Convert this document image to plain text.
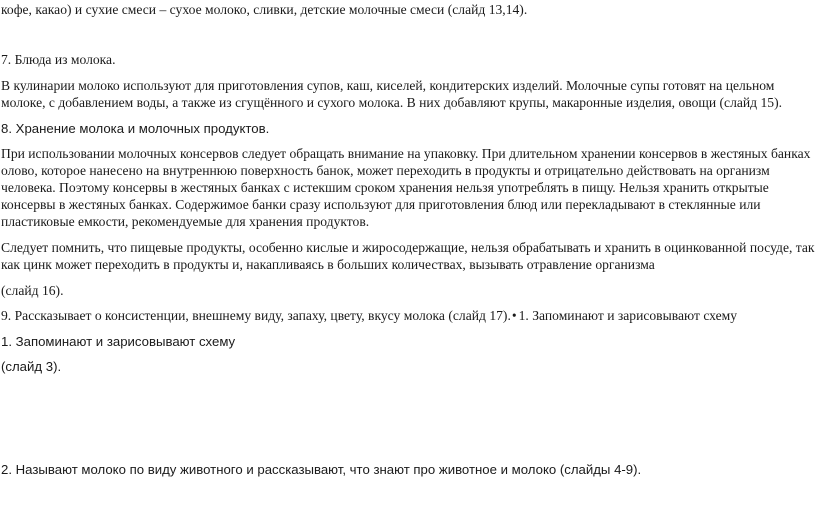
кофе, какао) и сухие смеси – сухое молоко, сливки, детские молочные смеси (слайд 13,14).

7. Блюда из молока.

В кулинарии молоко используют для приготовления супов, каш, киселей, кондитерских изделий. Молочные супы готовят на цельном

молоке, с добавлением воды, а также из сгущённого и сухого молока. В них добавляют крупы, макаронные изделия, овощи (слайд 15).

8. Хранение молока и молочных продуктов.

При использовании молочных консервов следует обращать внимание на упаковку. При длительном хранении консервов в жестяных банках

олово, которое нанесено на внутреннюю поверхность банок, может переходить в продукты и отрицательно действовать на организм

человека. Поэтому консервы в жестяных банках с истекшим сроком хранения нельзя употреблять в пищу. Нельзя хранить открытые

консервы в жестяных банках. Содержимое банки сразу используют для приготовления блюд или перекладывают в стеклянные или

пластиковые емкости, рекомендуемые для хранения продуктов.

Следует помнить, что пищевые продукты, особенно кислые и жиросодержащие, нельзя обрабатывать и хранить в оцинкованной посуде, так

как цинк может переходить в продукты и, накапливаясь в больших количествах, вызывать отравление организма

(слайд 16).

9. Рассказывает о консистенции, внешнему виду, запаху, цвету, вкусу молока (слайд 17).• 1. Запоминают и зарисовывают схему

1. Запоминают и зарисовывают схему

(слайд 3).

2. Называют молоко по виду животного и рассказывают, что знают про животное и молоко (слайды 4-9).
